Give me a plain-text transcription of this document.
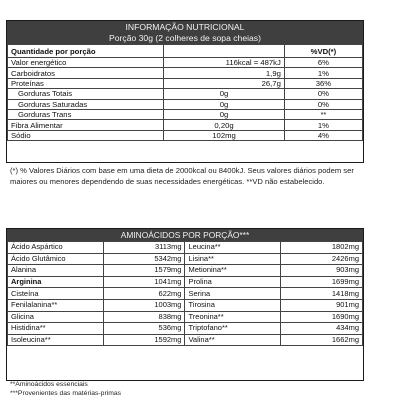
INFORMAÇÃO NUTRICIONAL
Porção 30g (2 colheres de sopa cheias)
Quantidade por porção		%VD(*)
Valor energético	116kcal = 487kJ	6%
Carboidratos	1,9g	1%
Proteínas	26,7g	36%
Gorduras Totais	0g	0%
Gorduras Saturadas	0g	0%
Gorduras Trans	0g	**
Fibra Alimentar	0,20g	1%
Sódio	102mg	4%
(*) % Valores Diários com base em uma dieta de 2000kcal ou 8400kJ. Seus valores diários podem ser maiores ou menores dependendo de suas necessidades energéticas. **VD não estabelecido.
AMINOÁCIDOS POR PORÇÃO***
Ácido Aspártico	3113mg	Leucina**	1802mg
Ácido Glutâmico	5342mg	Lisina**	2426mg
Alanina	1579mg	Metionina**	903mg
Arginina	1041mg	Prolina	1699mg
Cisteína	622mg	Serina	1418mg
Fenilalanina**	1003mg	Tirosina	901mg
Glicina	838mg	Treonina**	1690mg
Histidina**	536mg	Triptofano**	434mg
Isoleucina**	1592mg	Valina**	1662mg
**Aminoácidos essenciais
***Provenientes das matérias-primas
